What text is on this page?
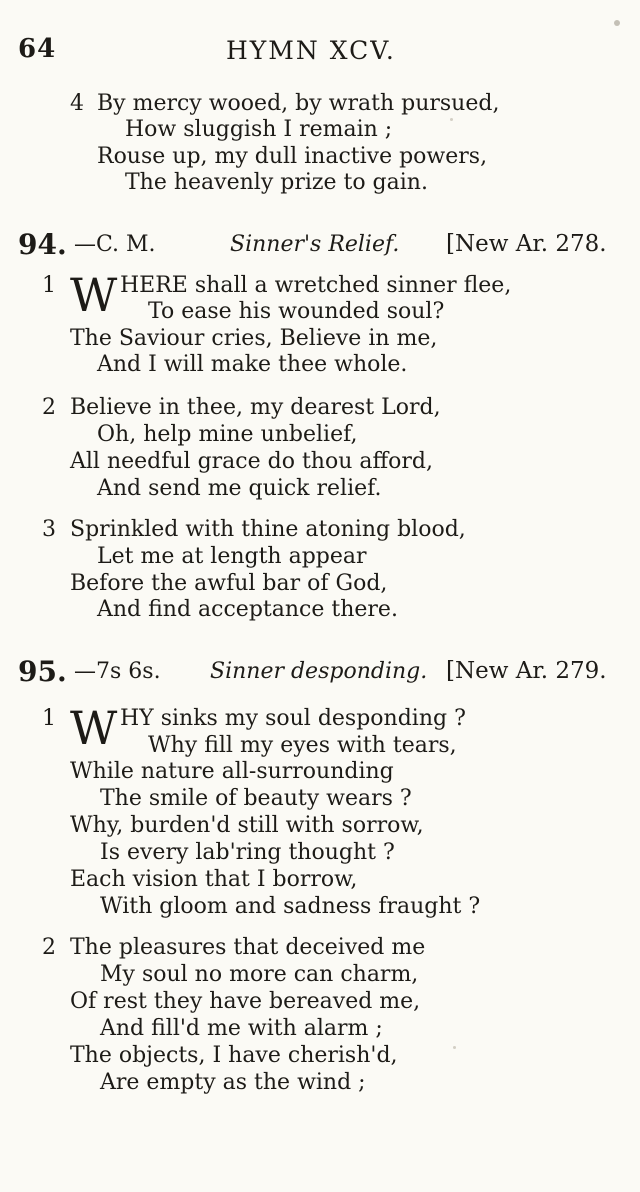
64	HYMN XCV.
4 By mercy wooed, by wrath pursued,
How sluggish I remain ;
Rouse up, my dull inactive powers,
The heavenly prize to gain.
94. —C. M.	Sinner's Relief. [New Ar. 278.
1 W HERE shall a wretched sinner flee,
To ease his wounded soul?
The Saviour cries, Believe in me,
And I will make thee whole.
2 Believe in thee, my dearest Lord,
Oh, help mine unbelief,
All needful grace do thou afford,
And send me quick relief.
3 Sprinkled with thine atoning blood,
Let me at length appear
Before the awful bar of God,
And find acceptance there.
95. —7s 6s. Sinner desponding. [New Ar. 279.
1 W HY sinks my soul desponding ?
Why fill my eyes with tears,
While nature all-surrounding
The smile of beauty wears ?
Why, burden'd still with sorrow,
Is every lab'ring thought ?
Each vision that I borrow,
With gloom and sadness fraught ?
2 The pleasures that deceived me
My soul no more can charm,
Of rest they have bereaved me,
And fill'd me with alarm ;
The objects, I have cherish'd,
Are empty as the wind ;
